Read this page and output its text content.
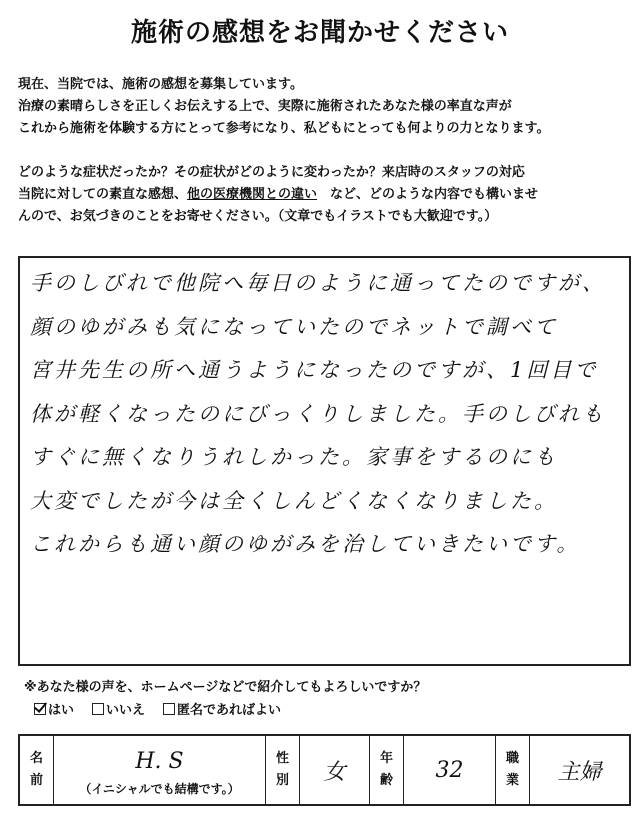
施術の感想をお聞かせください

現在、当院では、施術の感想を募集しています。

治療の素晴らしさを正しくお伝えする上で、実際に施術されたあなた様の率直な声が

これから施術を体験する方にとって参考になり、私どもにとっても何よりの力となります。

どのような症状だったか？その症状がどのように変わったか？来店時のスタッフの対応

当院に対しての素直な感想、他の医療機関との違い　など、どのような内容でも構いませ

んので、お気づきのことをお寄せください。（文章でもイラストでも大歓迎です。）

手のしびれで他院へ毎日のように通ってたのですが、
顔のゆがみも気になっていたのでネットで調べて
宮井先生の所へ通うようになったのですが、1回目で
体が軽くなったのにびっくりしました。手のしびれも
すぐに無くなりうれしかった。家事をするのにも
大変でしたが今は全くしんどくなくなりました。
これからも通い顔のゆがみを治していきたいです。
※あなた様の声を、ホームページなどで紹介してもよろしいですか？
はい いいえ 匿名であればよい
名
前
H. S
（イニシャルでも結構です。）
性
別 女
年
齢 32	職
業 主婦
